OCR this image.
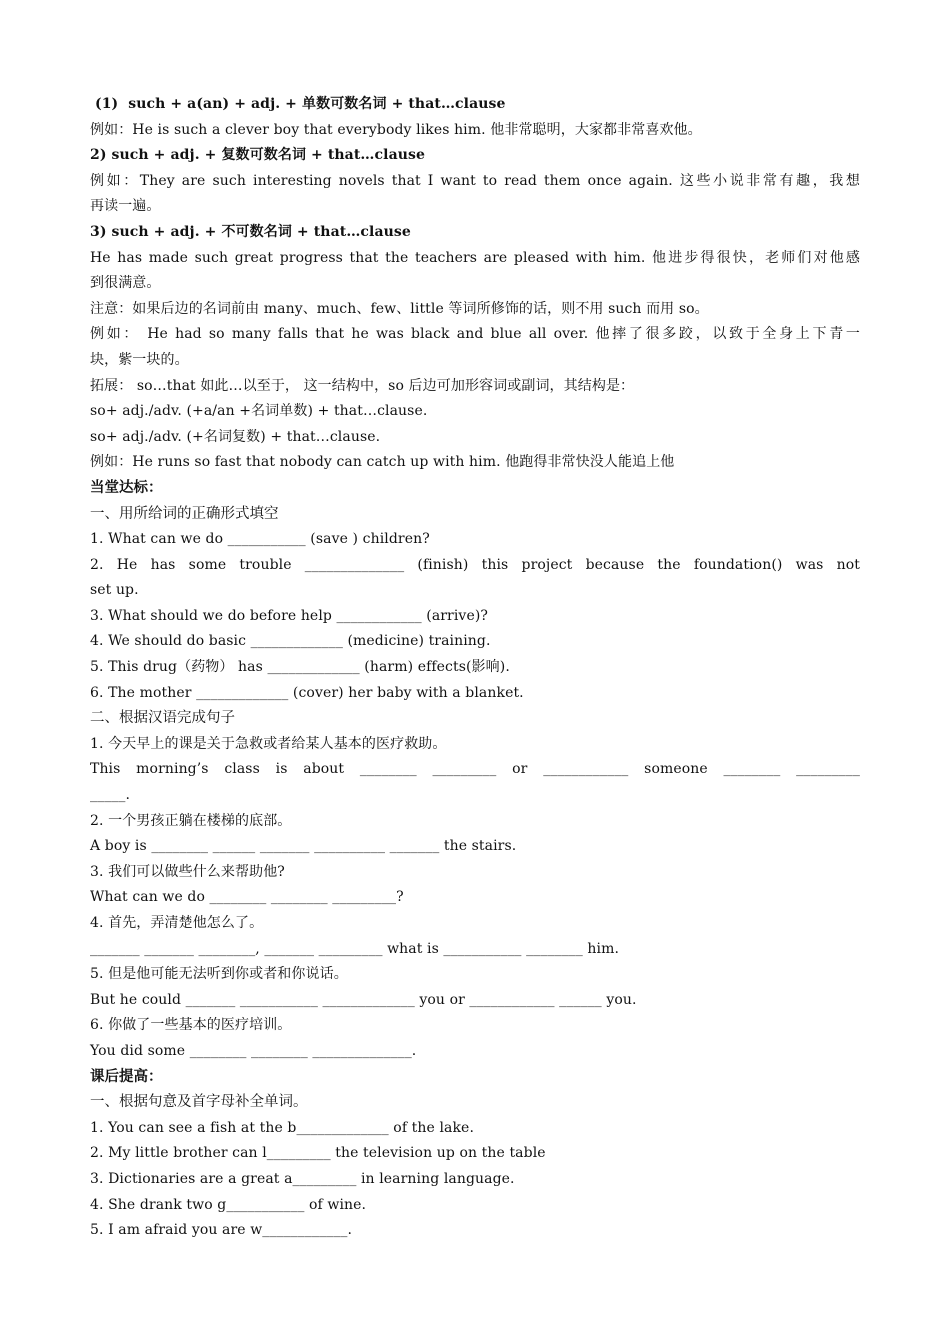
(1)  such + a(an) + adj. + 单数可数名词 + that…clause

例如：He is such a clever boy that everybody likes him. 他非常聪明，大家都非常喜欢他。

2) such + adj. + 复数可数名词 + that…clause

例如：They are such interesting novels that I want to read them once again. 这些小说非常有趣，我想

再读一遍。

3) such + adj. + 不可数名词 + that…clause

He has made such great progress that the teachers are pleased with him. 他进步得很快，老师们对他感

到很满意。

注意：如果后边的名词前由 many、much、few、little 等词所修饰的话，则不用 such 而用 so。

例如： He had so many falls that he was black and blue all over. 他摔了很多跤，以致于全身上下青一

块，紫一块的。

拓展： so…that 如此…以至于， 这一结构中，so 后边可加形容词或副词，其结构是：

so+ adj./adv. (+a/an +名词单数) + that…clause.

so+ adj./adv. (+名词复数) + that…clause.

例如：He runs so fast that nobody can catch up with him. 他跑得非常快没人能追上他

当堂达标：

一、用所给词的正确形式填空

1. What can we do ___________ (save ) children?

2. He has some trouble ______________ (finish) this project because the foundation() was not

set up.

3. What should we do before help ____________ (arrive)?

4. We should do basic _____________ (medicine) training.

5. This drug（药物） has _____________ (harm) effects(影响).

6. The mother _____________ (cover) her baby with a blanket.

二、根据汉语完成句子

1. 今天早上的课是关于急救或者给某人基本的医疗救助。

This morning’s class is about ________ _________ or ____________ someone ________ _________

_____.

2. 一个男孩正躺在楼梯的底部。

A boy is ________ ______ _______ __________ _______ the stairs.

3. 我们可以做些什么来帮助他?

What can we do ________ ________ _________?

4. 首先，弄清楚他怎么了。

_______ _______ ________, _______ _________ what is ___________ ________ him.

5. 但是他可能无法听到你或者和你说话。

But he could _______ ___________ _____________ you or ____________ ______ you.

6. 你做了一些基本的医疗培训。

You did some ________ ________ ______________.

课后提高：

一、根据句意及首字母补全单词。

1. You can see a fish at the b_____________ of the lake.

2. My little brother can l_________ the television up on the table

3. Dictionaries are a great a_________ in learning language.

4. She drank two g___________ of wine.

5. I am afraid you are w____________.
